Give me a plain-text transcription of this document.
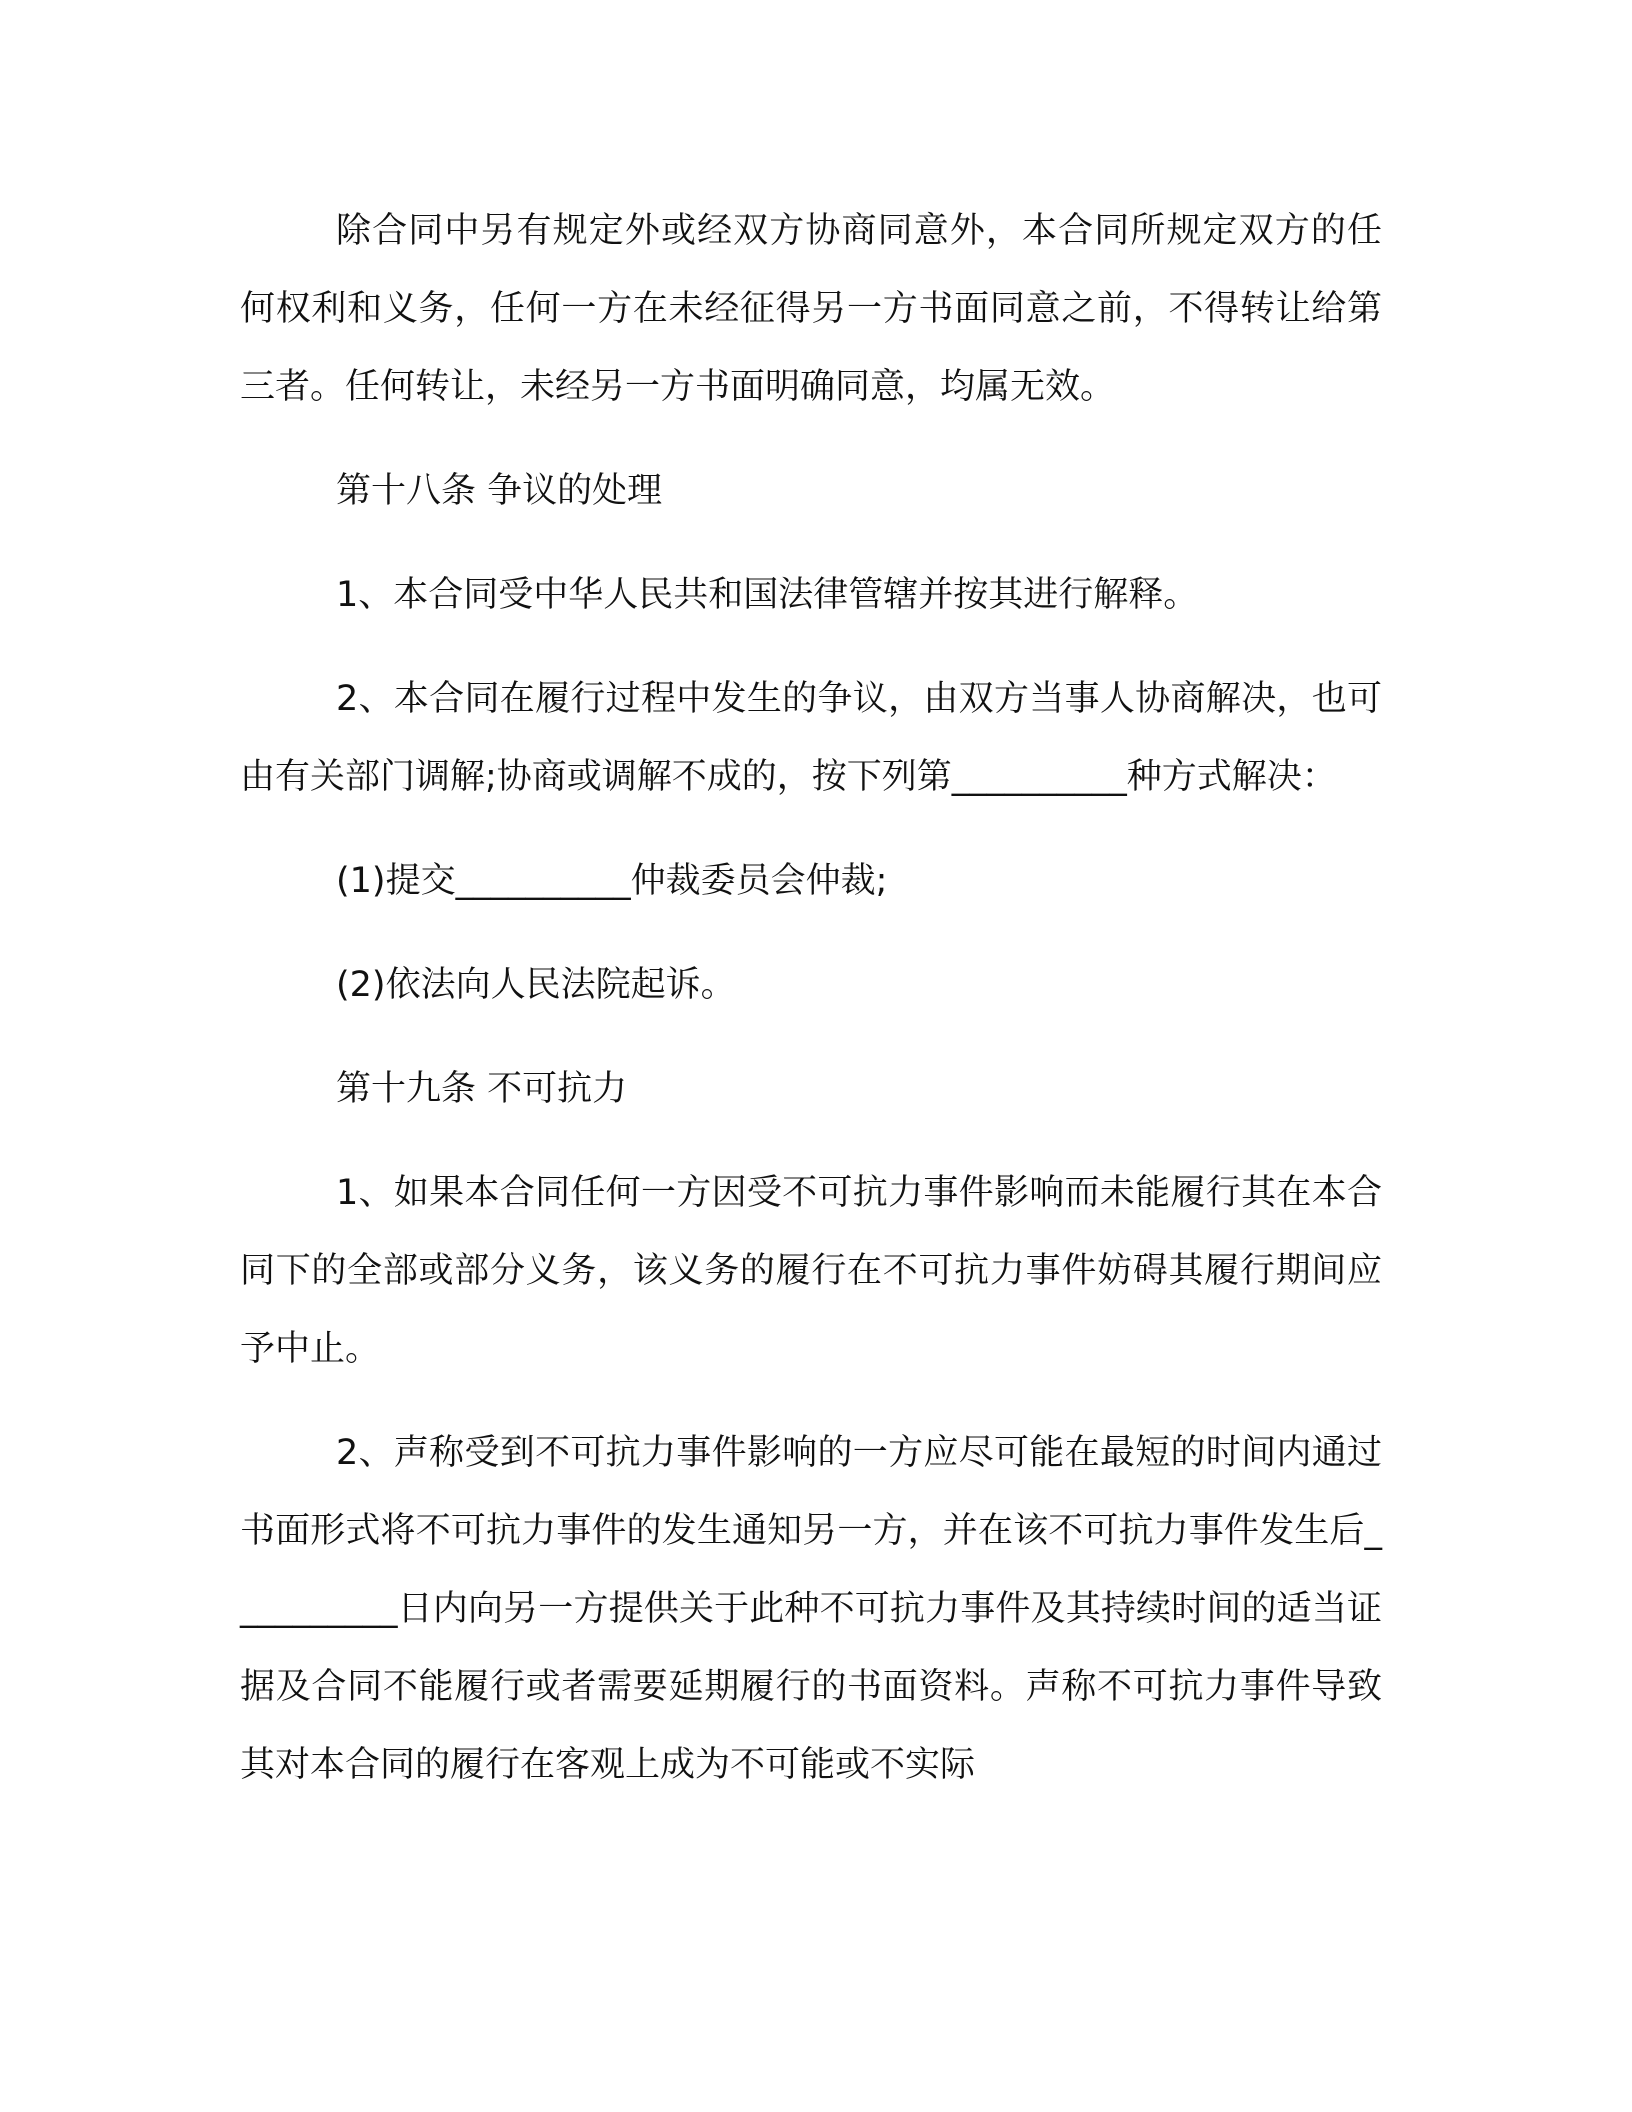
除合同中另有规定外或经双方协商同意外，本合同所规定双方的任何权利和义务，任何一方在未经征得另一方书面同意之前，不得转让给第三者。任何转让，未经另一方书面明确同意，均属无效。

第十八条 争议的处理

1、本合同受中华人民共和国法律管辖并按其进行解释。

2、本合同在履行过程中发生的争议，由双方当事人协商解决，也可由有关部门调解;协商或调解不成的，按下列第__________种方式解决：

(1)提交__________仲裁委员会仲裁;

(2)依法向人民法院起诉。

第十九条 不可抗力

1、如果本合同任何一方因受不可抗力事件影响而未能履行其在本合同下的全部或部分义务，该义务的履行在不可抗力事件妨碍其履行期间应予中止。

2、声称受到不可抗力事件影响的一方应尽可能在最短的时间内通过书面形式将不可抗力事件的发生通知另一方，并在该不可抗力事件发生后__________日内向另一方提供关于此种不可抗力事件及其持续时间的适当证据及合同不能履行或者需要延期履行的书面资料。声称不可抗力事件导致其对本合同的履行在客观上成为不可能或不实际
